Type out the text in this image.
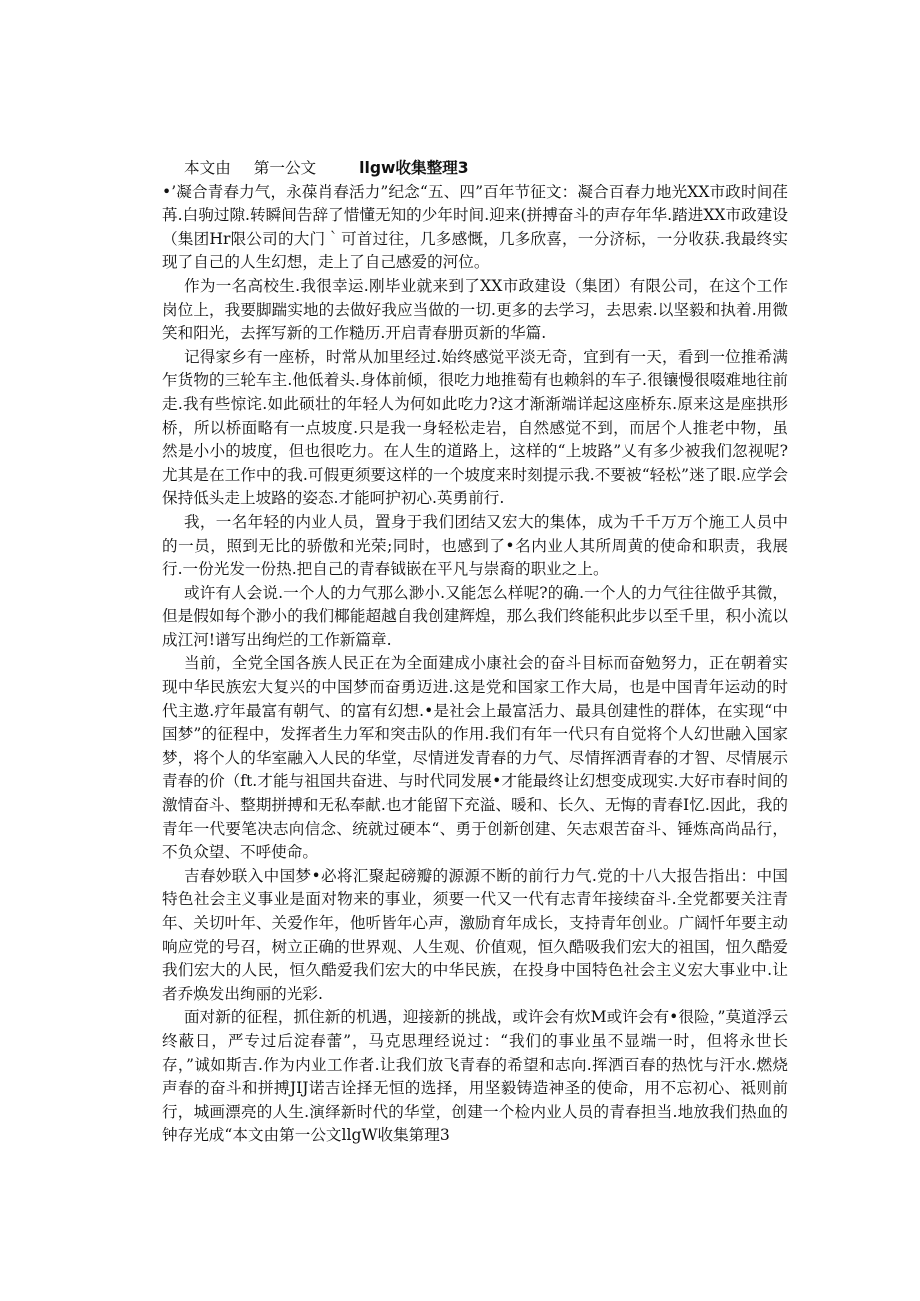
本文由 第一公文	llgw收集整理3

•’凝合青春力气，永葆肖春活力”纪念“五、四”百年节征文：凝合百春力地光XX市政时间荏苒.白驹过隙.转瞬间告辞了惜懂无知的少年时间.迎来(拼搏奋斗的声存年华.踏进XX市政建设（集团Hr限公司的大门｀可首过往，几多感慨，几多欣喜，一分济标，一分收获.我最终实现了自己的人生幻想，走上了自己感爱的河位。

作为一名高校生.我很幸运.刚毕业就来到了XX市政建设（集团）有限公司，在这个工作岗位上，我要脚踹实地的去做好我应当做的一切.更多的去学习，去思索.以坚毅和执着.用微笑和阳光，去挥写新的工作糙历.开启青春册页新的华篇.

记得家乡有一座桥，时常从加里经过.始终感觉平淡无奇，宜到有一天，看到一位推希满乍货物的三轮车主.他低着头.身体前倾，很吃力地推萄有也赖斜的车子.很镶慢很啜难地往前走.我有些惊诧.如此硕壮的年轻人为何如此吃力?这才渐渐端详起这座桥东.原来这是座拱形桥，所以桥面略有一点坡度.只是我一身轻松走岩，自然感觉不到，而居个人推老中物，虽然是小小的坡度，但也很吃力。在人生的道路上，这样的“上坡路”乂有多少被我们忽视呢?尤其是在工作中的我.可假更须要这样的一个坡度来时刻提示我.不要被“轻松”迷了眼.应学会保持低头走上坡路的姿态.才能呵护初心.英勇前行.

我，一名年轻的内业人员，置身于我们团结又宏大的集体，成为千千万万个施工人员中的一员，照到无比的骄傲和光荣;同时，也感到了•名内业人其所周黄的使命和职责，我展行.一份光发一份热.把自己的青春钺嵌在平凡与崇裔的职业之上。

或许有人会说.一个人的力气那么渺小.又能怎么样呢?的确.一个人的力气往往做乎其微，但是假如每个渺小的我们椰能超越自我创建辉煌，那么我们终能积此步以至千里，积小流以成江河!谱写出绚烂的工作新篇章.

当前，全党全国各族人民正在为全面建成小康社会的奋斗目标而奋勉努力，正在朝着实现中华民族宏大复兴的中国梦而奋勇迈进.这是党和国家工作大局，也是中国青年运动的时代主遨.疗年最富有朝气、的富有幻想.•是社会上最富活力、最具创建性的群体，在实现“中国梦”的征程中，发挥者生力军和突击队的作用.我们有年一代只有自觉将个人幻世融入国家梦，将个人的华室融入人民的华堂，尽情迸发青春的力气、尽情挥洒青春的才智、尽情展示青春的价（ft.才能与祖国共奋进、与时代同发展•才能最终让幻想变成现实.大好市春时间的激情奋斗、整期拼搏和无私奉献.也才能留下充溢、暖和、长久、无悔的青春I忆.因此，我的青年一代要笔决志向信念、统就过硬本“、勇于创新创建、矢志艰苦奋斗、锤炼高尚品行，不负众望、不呼使命。

吉春妙联入中国梦•必将汇聚起磅瓣的源源不断的前行力气.党的十八大报告指出：中国特色社会主义事业是面对物来的事业，须要一代又一代有志青年接续奋斗.全党都要关注青年、关切叶年、关爱作年，他听皆年心声，激励育年成长，支持青年创业。广阔忏年要主动响应党的号召，树立正确的世界观、人生观、价值观，恒久酷吸我们宏大的祖国，忸久酷爱我们宏大的人民，恒久酷爱我们宏大的中华民族，在投身中国特色社会主义宏大事业中.让者乔焕发出绚丽的光彩.

面对新的征程，抓住新的机遇，迎接新的挑战，或许会有炊M或许会有•很险，”莫道浮云终蔽日，严专过后淀春蕾”，马克思理经说过：“我们的事业虽不显端一时，但将永世长存，”诚如斯吉.作为内业工作者.让我们放飞青春的希望和志向.挥洒百春的热忱与汗水.燃烧声春的奋斗和拼搏JIJ诺吉诠择无恒的选择，用坚毅铸造神圣的使命，用不忘初心、祗则前行，城画漂亮的人生.演绎新时代的华堂，创建一个检内业人员的青春担当.地放我们热血的钟存光成“本文由第一公文llgW收集第理3
